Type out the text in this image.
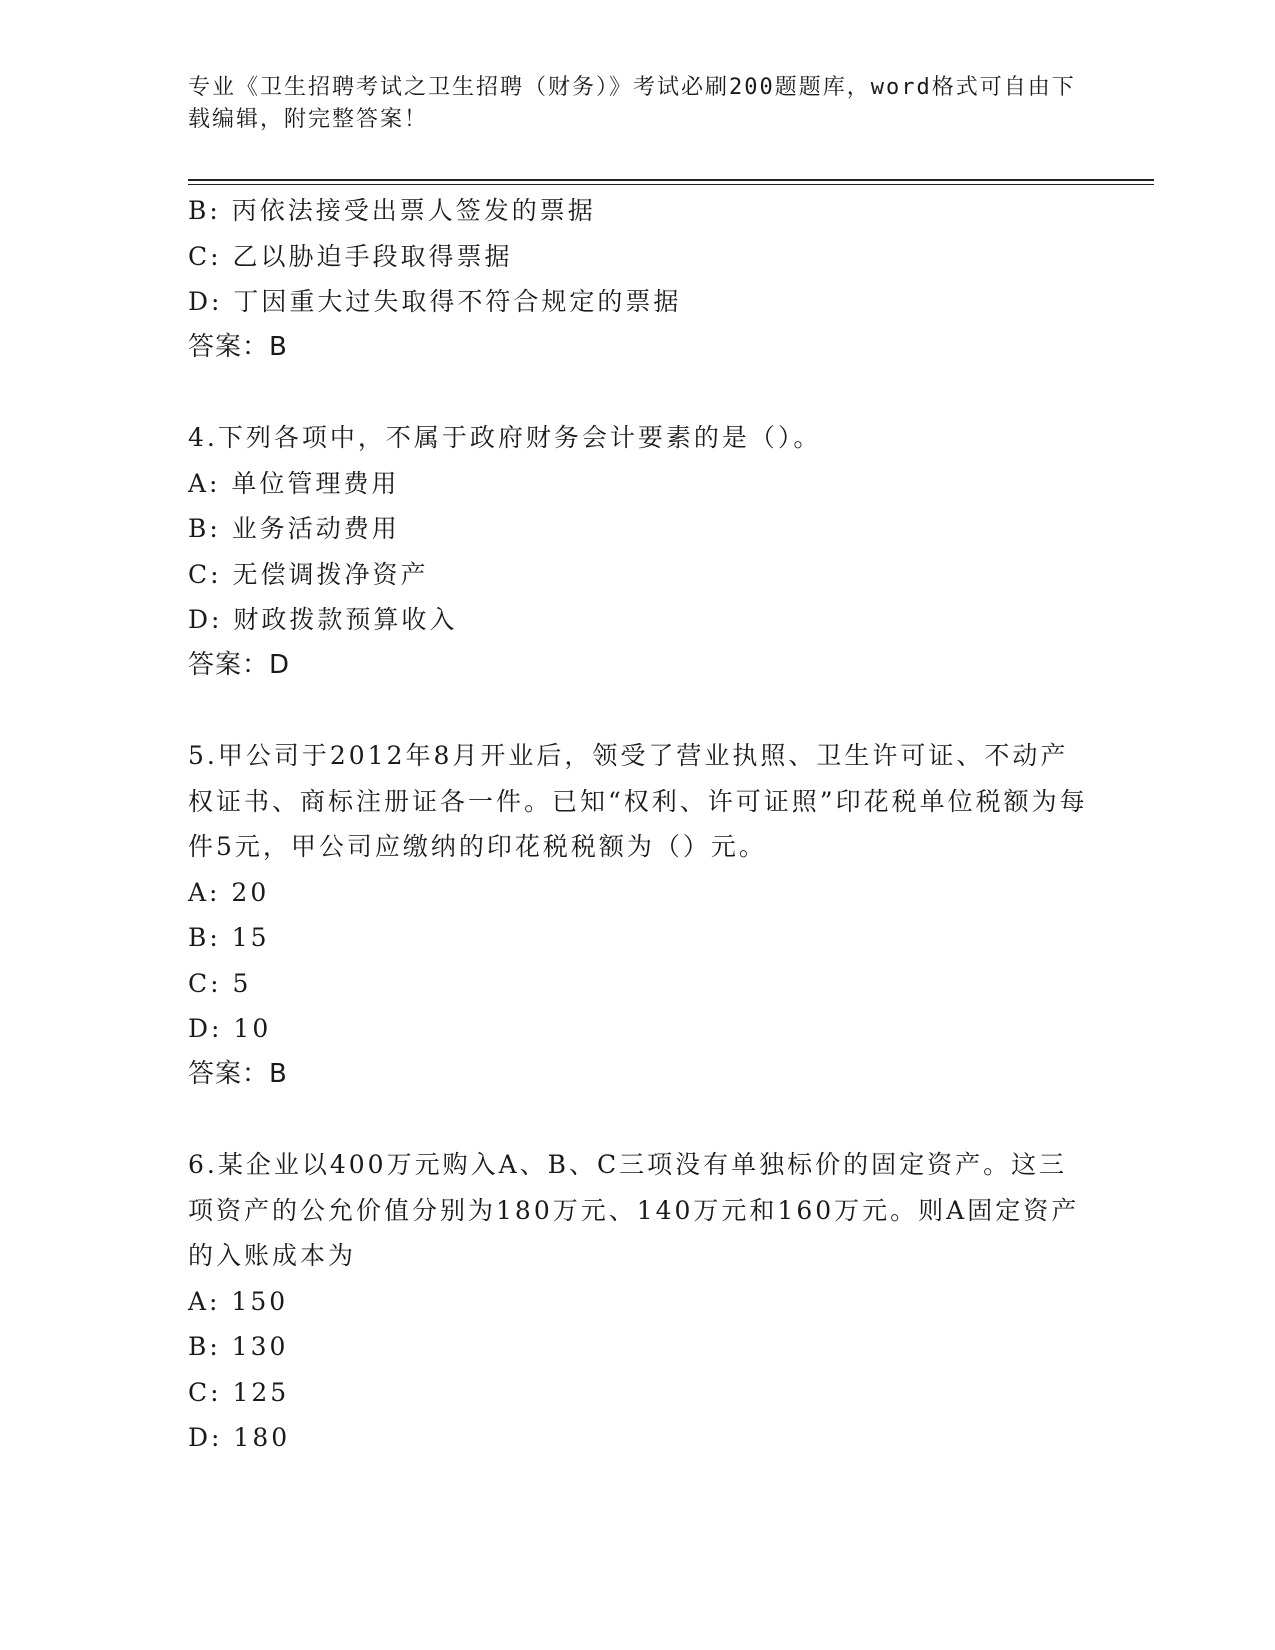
专业《卫生招聘考试之卫生招聘（财务）》考试必刷200题题库，word格式可自由下载编辑，附完整答案！
B: 丙依法接受出票人签发的票据
C: 乙以胁迫手段取得票据
D: 丁因重大过失取得不符合规定的票据
答案：B
4.下列各项中，不属于政府财务会计要素的是（）。
A: 单位管理费用
B: 业务活动费用
C: 无偿调拨净资产
D: 财政拨款预算收入
答案：D
5.甲公司于2012年8月开业后，领受了营业执照、卫生许可证、不动产权证书、商标注册证各一件。已知“权利、许可证照”印花税单位税额为每件5元，甲公司应缴纳的印花税税额为（）元。
A: 20
B: 15
C: 5
D: 10
答案：B
6.某企业以400万元购入A、B、C三项没有单独标价的固定资产。这三项资产的公允价值分别为180万元、140万元和160万元。则A固定资产的入账成本为
A: 150
B: 130
C: 125
D: 180
